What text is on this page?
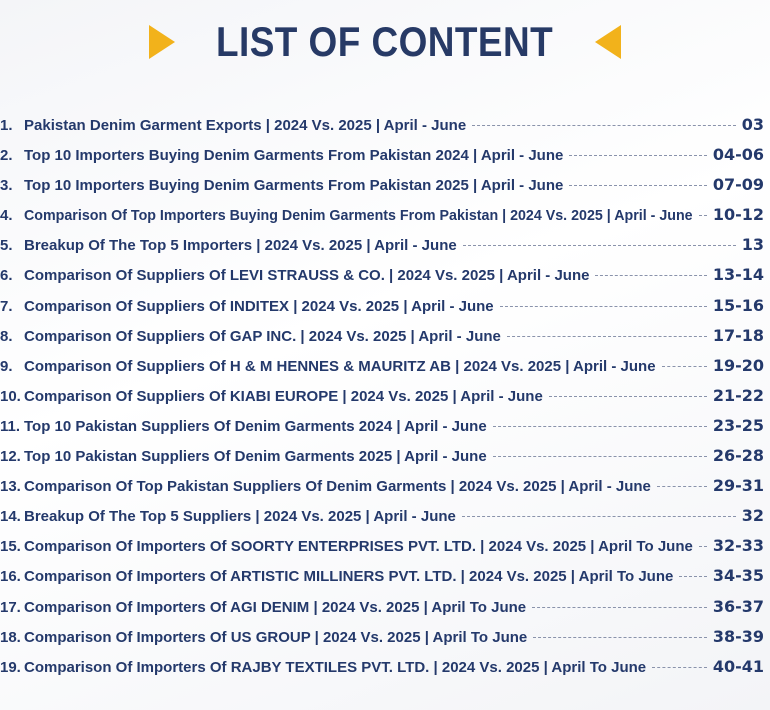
LIST OF CONTENT
1. Pakistan Denim Garment Exports | 2024 Vs. 2025 | April - June	03
2. Top 10 Importers Buying Denim Garments From Pakistan 2024 | April - June	04-06
3. Top 10 Importers Buying Denim Garments From Pakistan 2025 | April - June	07-09
4. Comparison Of Top Importers Buying Denim Garments From Pakistan | 2024 Vs. 2025 | April - June 10-12
5. Breakup Of The Top 5 Importers | 2024 Vs. 2025 | April - June	13
6. Comparison Of Suppliers Of LEVI STRAUSS & CO. | 2024 Vs. 2025 | April - June	13-14
7. Comparison Of Suppliers Of INDITEX | 2024 Vs. 2025 | April - June	15-16
8. Comparison Of Suppliers Of GAP INC. | 2024 Vs. 2025 | April - June	17-18
9. Comparison Of Suppliers Of H & M HENNES & MAURITZ AB | 2024 Vs. 2025 | April - June	19-20
10. Comparison Of Suppliers Of KIABI EUROPE | 2024 Vs. 2025 | April - June	21-22
11. Top 10 Pakistan Suppliers Of Denim Garments 2024 | April - June	23-25
12. Top 10 Pakistan Suppliers Of Denim Garments 2025 | April - June	26-28
13. Comparison Of Top Pakistan Suppliers Of Denim Garments | 2024 Vs. 2025 | April - June	29-31
14. Breakup Of The Top 5 Suppliers | 2024 Vs. 2025 | April - June	32
15. Comparison Of Importers Of SOORTY ENTERPRISES PVT. LTD. | 2024 Vs. 2025 | April To June 32-33
16. Comparison Of Importers Of ARTISTIC MILLINERS PVT. LTD. | 2024 Vs. 2025 | April To June 34-35
17. Comparison Of Importers Of AGI DENIM | 2024 Vs. 2025 | April To June	36-37
18. Comparison Of Importers Of US GROUP | 2024 Vs. 2025 | April To June	38-39
19. Comparison Of Importers Of RAJBY TEXTILES PVT. LTD. | 2024 Vs. 2025 | April To June	40-41
